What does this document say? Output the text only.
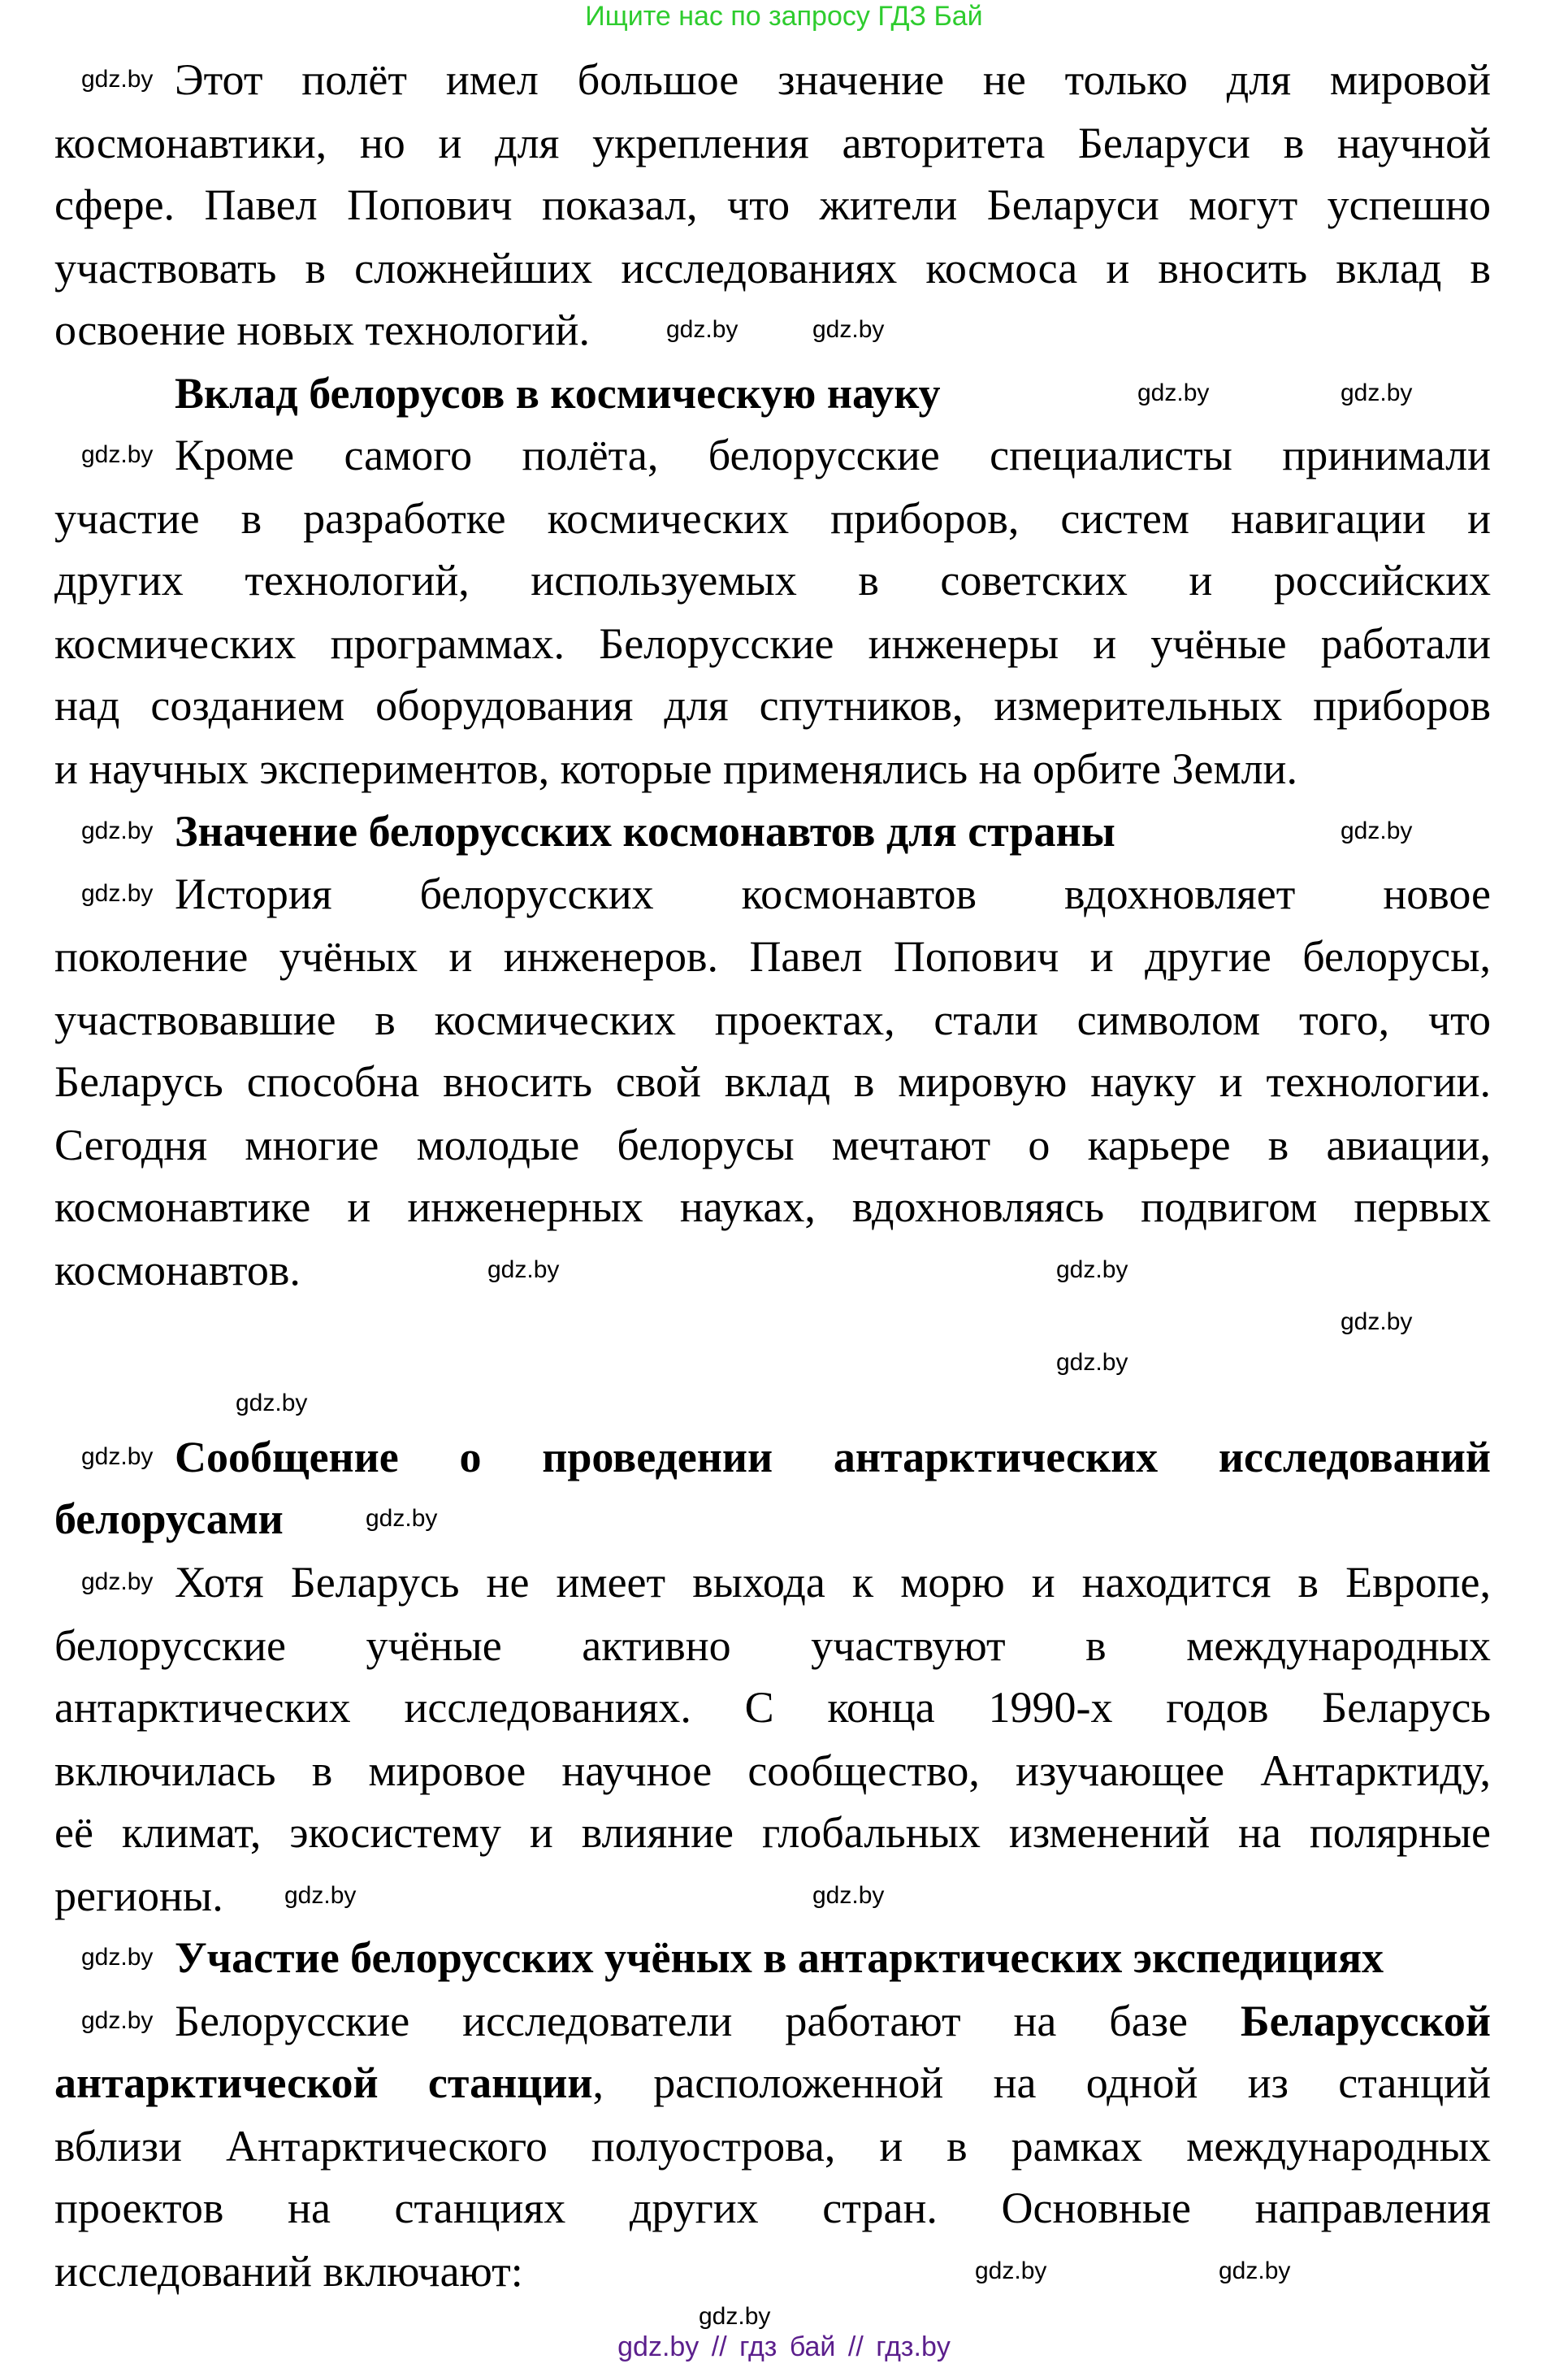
Ищите нас по запросу ГДЗ Бай
Этот полёт имел большое значение не только для мировой
космонавтики, но и для укрепления авторитета Беларуси в научной
сфере. Павел Попович показал, что жители Беларуси могут успешно
участвовать в сложнейших исследованиях космоса и вносить вклад в
освоение новых технологий.
Вклад белорусов в космическую науку
Кроме самого полёта, белорусские специалисты принимали
участие в разработке космических приборов, систем навигации и
других технологий, используемых в советских и российских
космических программах. Белорусские инженеры и учёные работали
над созданием оборудования для спутников, измерительных приборов
и научных экспериментов, которые применялись на орбите Земли.
Значение белорусских космонавтов для страны
История белорусских космонавтов вдохновляет новое
поколение учёных и инженеров. Павел Попович и другие белорусы,
участвовавшие в космических проектах, стали символом того, что
Беларусь способна вносить свой вклад в мировую науку и технологии.
Сегодня многие молодые белорусы мечтают о карьере в авиации,
космонавтике и инженерных науках, вдохновляясь подвигом первых
космонавтов.
Сообщение о проведении антарктических исследований
белорусами
Хотя Беларусь не имеет выхода к морю и находится в Европе,
белорусские учёные активно участвуют в международных
антарктических исследованиях. С конца 1990-х годов Беларусь
включилась в мировое научное сообщество, изучающее Антарктиду,
её климат, экосистему и влияние глобальных изменений на полярные
регионы.
Участие белорусских учёных в антарктических экспедициях
Белорусские исследователи работают на базе Беларусской
антарктической станции, расположенной на одной из станций
вблизи Антарктического полуострова, и в рамках международных
проектов на станциях других стран. Основные направления
исследований включают:
gdz.by
gdz.by	gdz.by
gdz.by	gdz.by
gdz.by
gdz.by
gdz.by
gdz.by
gdz.by	gdz.by
gdz.by
gdz.by
gdz.by
gdz.by
gdz.by
gdz.by
gdz.by	gdz.by
gdz.by
gdz.by
gdz.by	gdz.by
gdz.by
gdz.by // гдз бай // гдз.by
